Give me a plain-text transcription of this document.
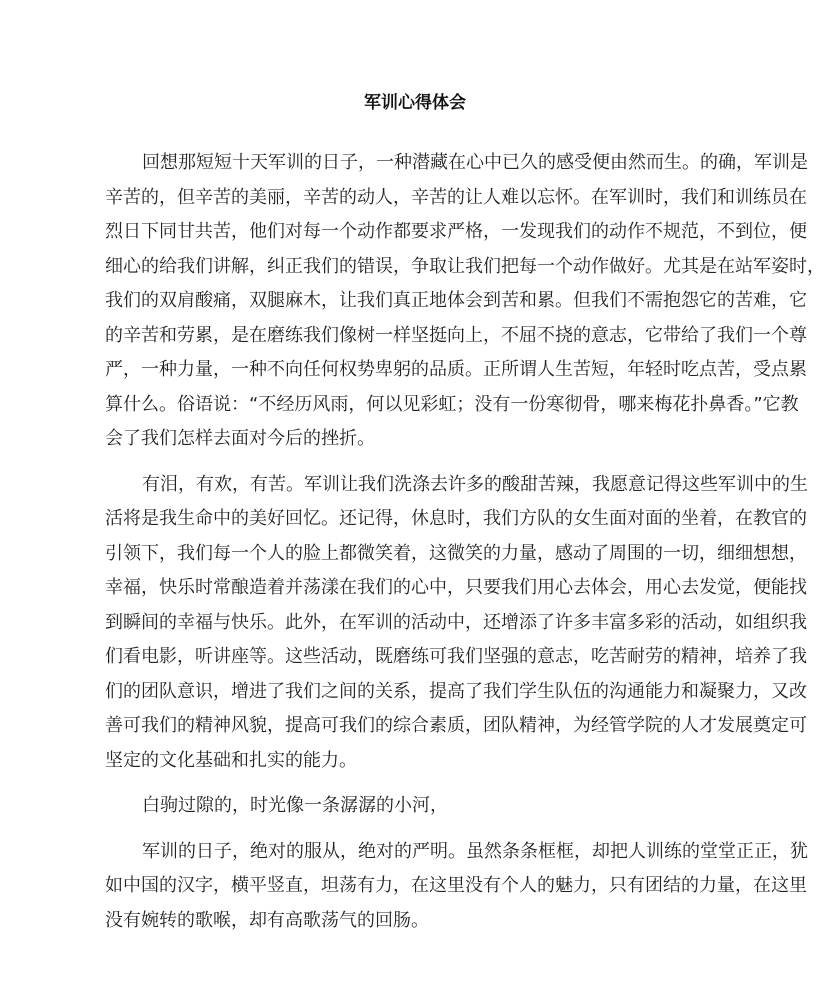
军训心得体会
回想那短短十天军训的日子，一种潜藏在心中已久的感受便由然而生。的确，军训是
辛苦的，但辛苦的美丽，辛苦的动人，辛苦的让人难以忘怀。在军训时，我们和训练员在
烈日下同甘共苦，他们对每一个动作都要求严格，一发现我们的动作不规范，不到位，便
细心的给我们讲解，纠正我们的错误，争取让我们把每一个动作做好。尤其是在站军姿时，
我们的双肩酸痛，双腿麻木，让我们真正地体会到苦和累。但我们不需抱怨它的苦难，它
的辛苦和劳累，是在磨练我们像树一样坚挺向上，不屈不挠的意志，它带给了我们一个尊
严，一种力量，一种不向任何权势卑躬的品质。正所谓人生苦短，年轻时吃点苦，受点累
算什么。俗语说：“不经历风雨，何以见彩虹；没有一份寒彻骨，哪来梅花扑鼻香。”它教
会了我们怎样去面对今后的挫折。
有泪，有欢，有苦。军训让我们洗涤去许多的酸甜苦辣，我愿意记得这些军训中的生
活将是我生命中的美好回忆。还记得，休息时，我们方队的女生面对面的坐着，在教官的
引领下，我们每一个人的脸上都微笑着，这微笑的力量，感动了周围的一切，细细想想，
幸福，快乐时常酿造着并荡漾在我们的心中，只要我们用心去体会，用心去发觉，便能找
到瞬间的幸福与快乐。此外，在军训的活动中，还增添了许多丰富多彩的活动，如组织我
们看电影，听讲座等。这些活动，既磨练可我们坚强的意志，吃苦耐劳的精神，培养了我
们的团队意识，增进了我们之间的关系，提高了我们学生队伍的沟通能力和凝聚力，又改
善可我们的精神风貌，提高可我们的综合素质，团队精神，为经管学院的人才发展奠定可
坚定的文化基础和扎实的能力。
白驹过隙的，时光像一条潺潺的小河，
军训的日子，绝对的服从，绝对的严明。虽然条条框框，却把人训练的堂堂正正，犹
如中国的汉字，横平竖直，坦荡有力，在这里没有个人的魅力，只有团结的力量，在这里
没有婉转的歌喉，却有高歌荡气的回肠。
